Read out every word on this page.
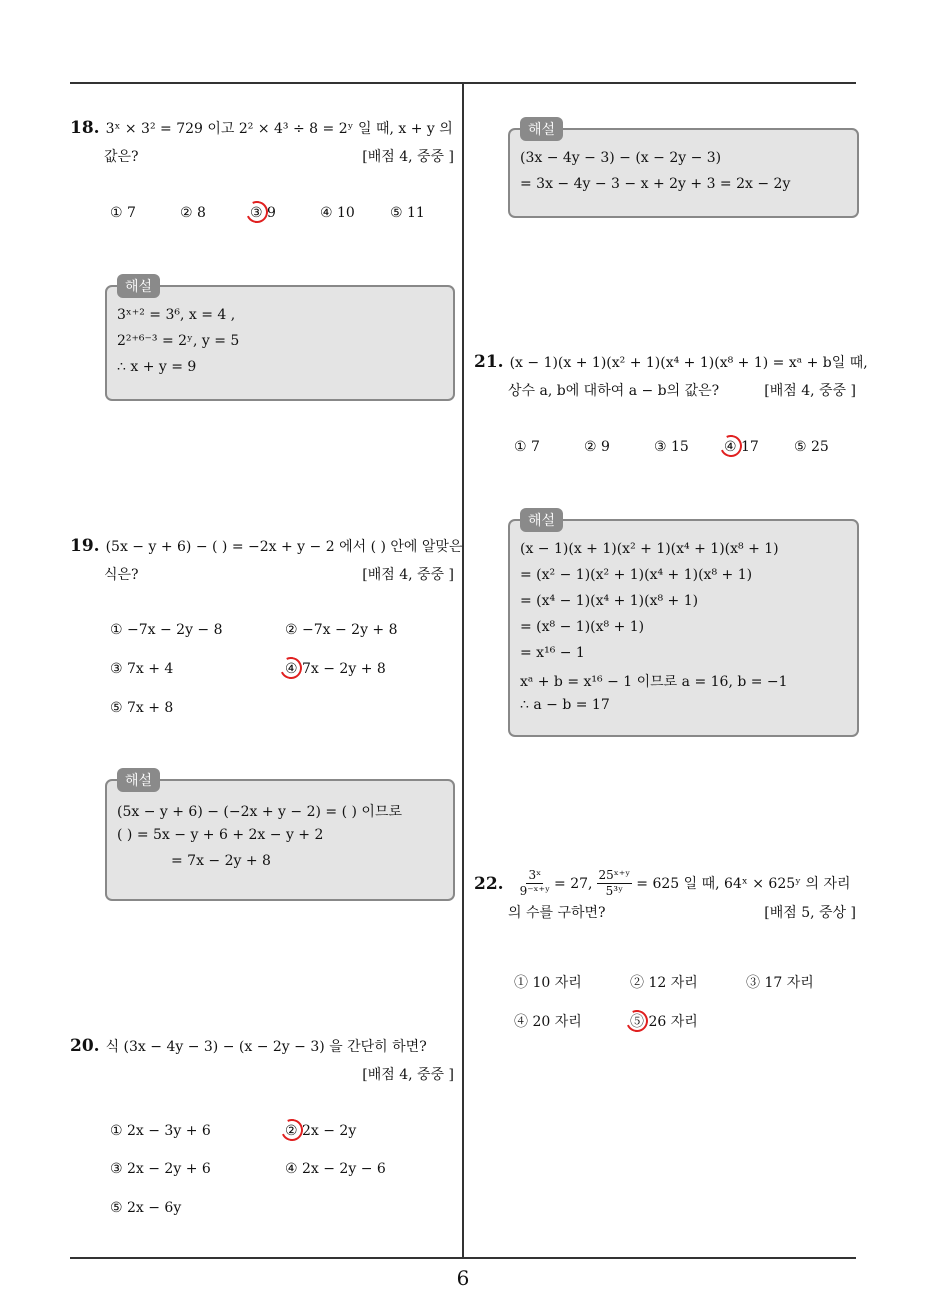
18. 3ˣ × 3² = 729 이고 2² × 4³ ÷ 8 = 2ʸ 일 때, x + y 의
값은?	[배점 4, 중중 ]
① 7	② 8	③ 9	④ 10	⑤ 11
해설
3ˣ⁺² = 3⁶, x = 4 ,
2²⁺⁶⁻³ = 2ʸ, y = 5
∴ x + y = 9
19. (5x − y + 6) − ( ) = −2x + y − 2 에서 ( ) 안에 알맞은
식은?	[배점 4, 중중 ]
① −7x − 2y − 8	② −7x − 2y + 8
③ 7x + 4	④ 7x − 2y + 8
⑤ 7x + 8
해설
(5x − y + 6) − (−2x + y − 2) = ( ) 이므로
( ) = 5x − y + 6 + 2x − y + 2
= 7x − 2y + 8
20. 식 (3x − 4y − 3) − (x − 2y − 3) 을 간단히 하면?
[배점 4, 중중 ]
① 2x − 3y + 6	② 2x − 2y
③ 2x − 2y + 6	④ 2x − 2y − 6
⑤ 2x − 6y
해설
(3x − 4y − 3) − (x − 2y − 3)
= 3x − 4y − 3 − x + 2y + 3 = 2x − 2y
21. (x − 1)(x + 1)(x² + 1)(x⁴ + 1)(x⁸ + 1) = xᵃ + b일 때,
상수 a, b에 대하여 a − b의 값은?	[배점 4, 중중 ]
① 7	② 9	③ 15	④ 17	⑤ 25
해설
(x − 1)(x + 1)(x² + 1)(x⁴ + 1)(x⁸ + 1)
= (x² − 1)(x² + 1)(x⁴ + 1)(x⁸ + 1)
= (x⁴ − 1)(x⁴ + 1)(x⁸ + 1)
= (x⁸ − 1)(x⁸ + 1)
= x¹⁶ − 1
xᵃ + b = x¹⁶ − 1 이므로 a = 16, b = −1
∴ a − b = 17
22. $\frac{\text{3ˣ}}{\text{9⁻ˣ⁺ʸ}} = 27$, $\frac{\text{25ˣ⁺ʸ}}{\text{5³ʸ}} = 625$ 일 때, 64ˣ × 625ʸ 의 자리
의 수를 구하면?	[배점 5, 중상 ]
① 10 자리	② 12 자리	③ 17 자리
④ 20 자리	⑤ 26 자리
6
